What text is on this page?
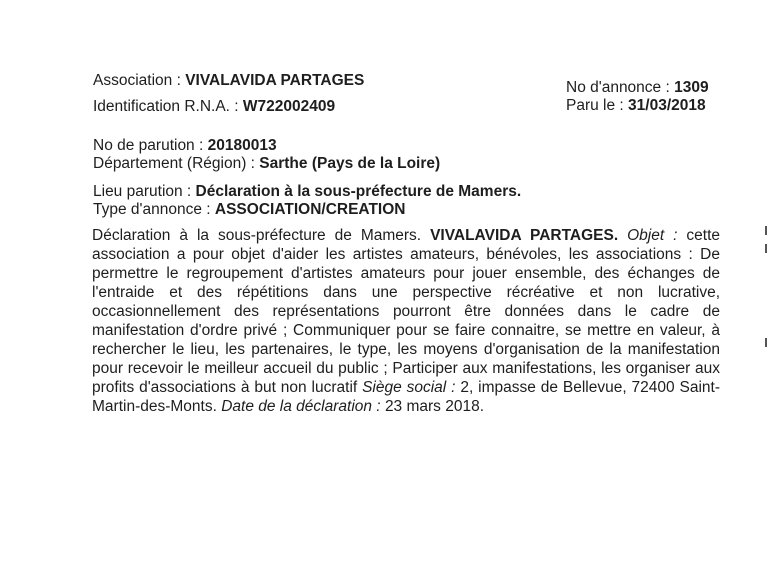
Association : VIVALAVIDA PARTAGES
Identification R.N.A. : W722002409
No d'annonce : 1309
Paru le : 31/03/2018
No de parution : 20180013
Département (Région) : Sarthe (Pays de la Loire)
Lieu parution : Déclaration à la sous-préfecture de Mamers.
Type d'annonce : ASSOCIATION/CREATION
Déclaration à la sous-préfecture de Mamers. VIVALAVIDA PARTAGES. Objet : cette association a pour objet d'aider les artistes amateurs, bénévoles, les associations : De permettre le regroupement d'artistes amateurs pour jouer ensemble, des échanges de l'entraide et des répétitions dans une perspective récréative et non lucrative, occasionnellement des représentations pourront être données dans le cadre de manifestation d'ordre privé ; Communiquer pour se faire connaitre, se mettre en valeur, à rechercher le lieu, les partenaires, le type, les moyens d'organisation de la manifestation pour recevoir le meilleur accueil du public ; Participer aux manifestations, les organiser aux profits d'associations à but non lucratif Siège social : 2, impasse de Bellevue, 72400 Saint-Martin-des-Monts. Date de la déclaration : 23 mars 2018.
